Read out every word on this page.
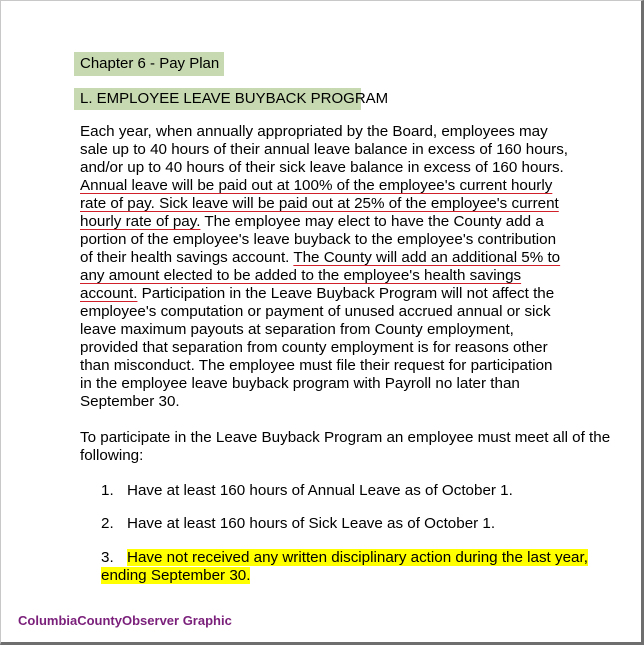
Chapter 6 - Pay Plan
L. EMPLOYEE LEAVE BUYBACK PROGRAM
Each year, when annually appropriated by the Board, employees may
sale up to 40 hours of their annual leave balance in excess of 160 hours,
and/or up to 40 hours of their sick leave balance in excess of 160 hours.
Annual leave will be paid out at 100% of the employee's current hourly
rate of pay. Sick leave will be paid out at 25% of the employee's current
hourly rate of pay. The employee may elect to have the County add a
portion of the employee's leave buyback to the employee's contribution
of their health savings account. The County will add an additional 5% to
any amount elected to be added to the employee's health savings
account. Participation in the Leave Buyback Program will not affect the
employee's computation or payment of unused accrued annual or sick
leave maximum payouts at separation from County employment,
provided that separation from county employment is for reasons other
than misconduct. The employee must file their request for participation
in the employee leave buyback program with Payroll no later than
September 30.
To participate in the Leave Buyback Program an employee must meet all of the
following:
1. Have at least 160 hours of Annual Leave as of October 1.
2. Have at least 160 hours of Sick Leave as of October 1.
3. Have not received any written disciplinary action during the last year,
ending September 30.
ColumbiaCountyObserver Graphic
